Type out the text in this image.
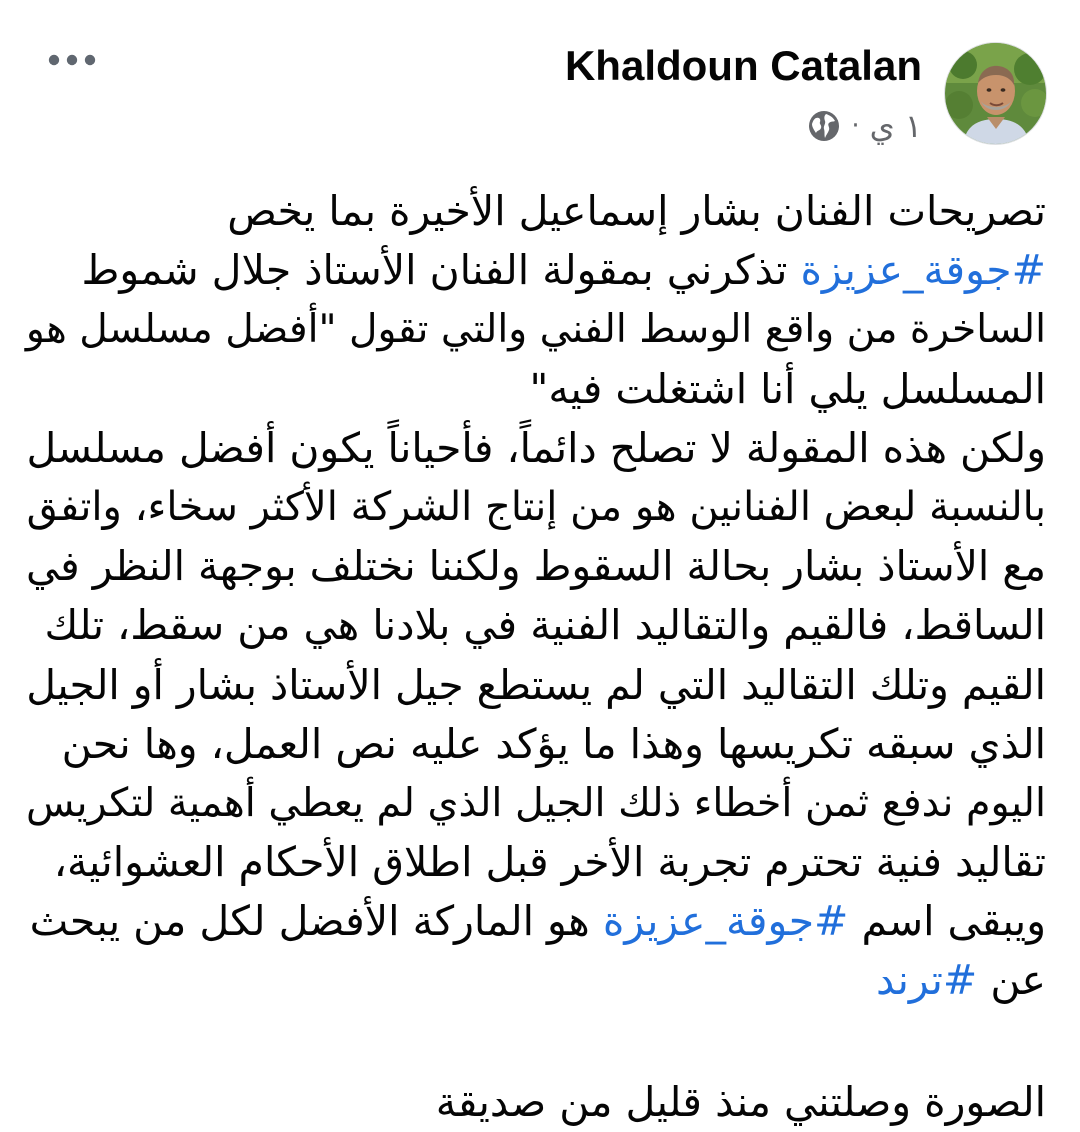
Khaldoun Catalan
١ ي
·
تصريحات الفنان بشار إسماعيل الأخيرة بما يخص
#جوقة_عزيزة تذكرني بمقولة الفنان الأستاذ جلال شموط
الساخرة من واقع الوسط الفني والتي تقول "أفضل مسلسل هو
المسلسل يلي أنا اشتغلت فيه"
ولكن هذه المقولة لا تصلح دائماً، فأحياناً يكون أفضل مسلسل
بالنسبة لبعض الفنانين هو من إنتاج الشركة الأكثر سخاء، واتفق
مع الأستاذ بشار بحالة السقوط ولكننا نختلف بوجهة النظر في
الساقط، فالقيم والتقاليد الفنية في بلادنا هي من سقط، تلك
القيم وتلك التقاليد التي لم يستطع جيل الأستاذ بشار أو الجيل
الذي سبقه تكريسها وهذا ما يؤكد عليه نص العمل، وها نحن
اليوم ندفع ثمن أخطاء ذلك الجيل الذي لم يعطي أهمية لتكريس
تقاليد فنية تحترم تجربة الأخر قبل اطلاق الأحكام العشوائية،
ويبقى اسم #جوقة_عزيزة هو الماركة الأفضل لكل من يبحث
عن #ترند
الصورة وصلتني منذ قليل من صديقة
